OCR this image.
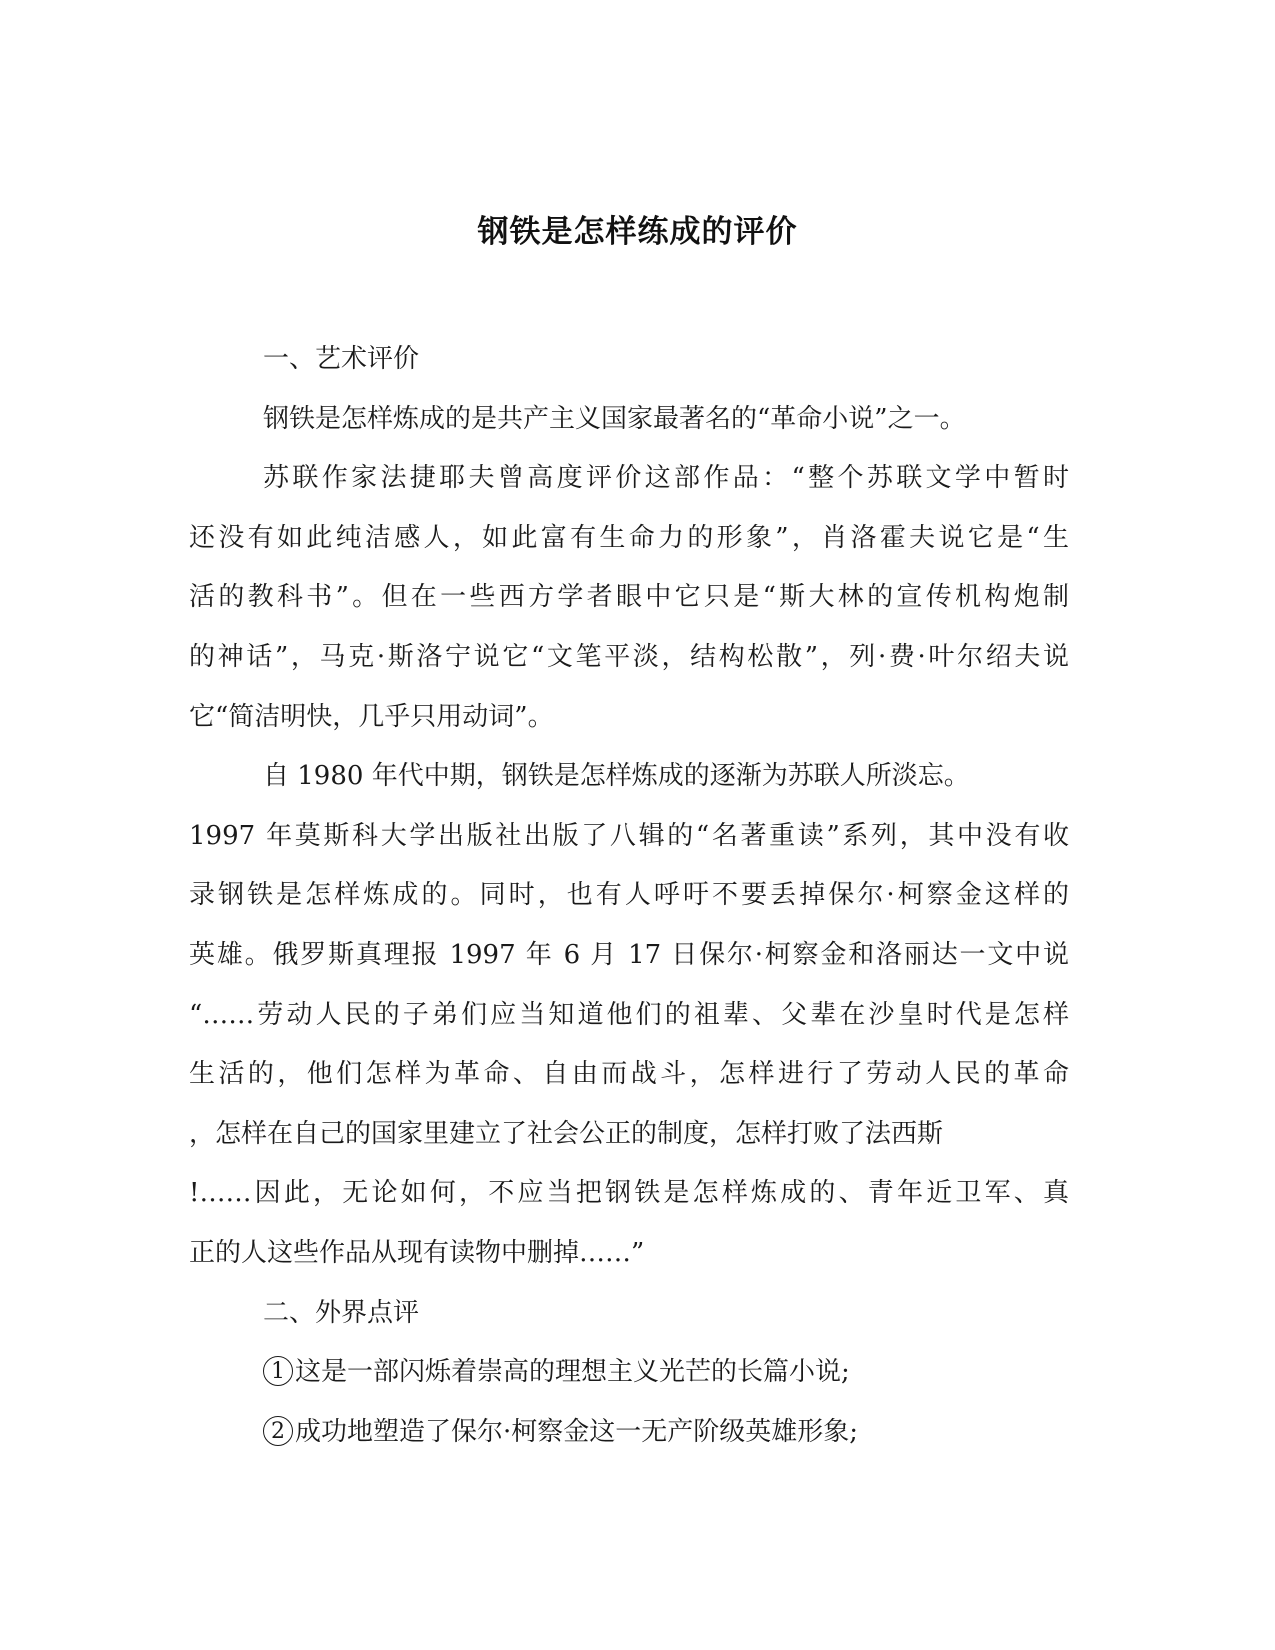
钢铁是怎样练成的评价

一、艺术评价

钢铁是怎样炼成的是共产主义国家最著名的“革命小说”之一。

苏联作家法捷耶夫曾高度评价这部作品：“整个苏联文学中暂时

还没有如此纯洁感人，如此富有生命力的形象”，肖洛霍夫说它是“生

活的教科书”。但在一些西方学者眼中它只是“斯大林的宣传机构炮制

的神话”，马克·斯洛宁说它“文笔平淡，结构松散”，列·费·叶尔绍夫说

它“简洁明快，几乎只用动词”。

自 1980 年代中期，钢铁是怎样炼成的逐渐为苏联人所淡忘。

1997 年莫斯科大学出版社出版了八辑的“名著重读”系列，其中没有收

录钢铁是怎样炼成的。同时，也有人呼吁不要丢掉保尔·柯察金这样的

英雄。俄罗斯真理报 1997 年 6 月 17 日保尔·柯察金和洛丽达一文中说

“……劳动人民的子弟们应当知道他们的祖辈、父辈在沙皇时代是怎样

生活的，他们怎样为革命、自由而战斗，怎样进行了劳动人民的革命

，怎样在自己的国家里建立了社会公正的制度，怎样打败了法西斯

!……因此，无论如何，不应当把钢铁是怎样炼成的、青年近卫军、真

正的人这些作品从现有读物中删掉……”

二、外界点评

1 这是一部闪烁着崇高的理想主义光芒的长篇小说;

2 成功地塑造了保尔·柯察金这一无产阶级英雄形象;
